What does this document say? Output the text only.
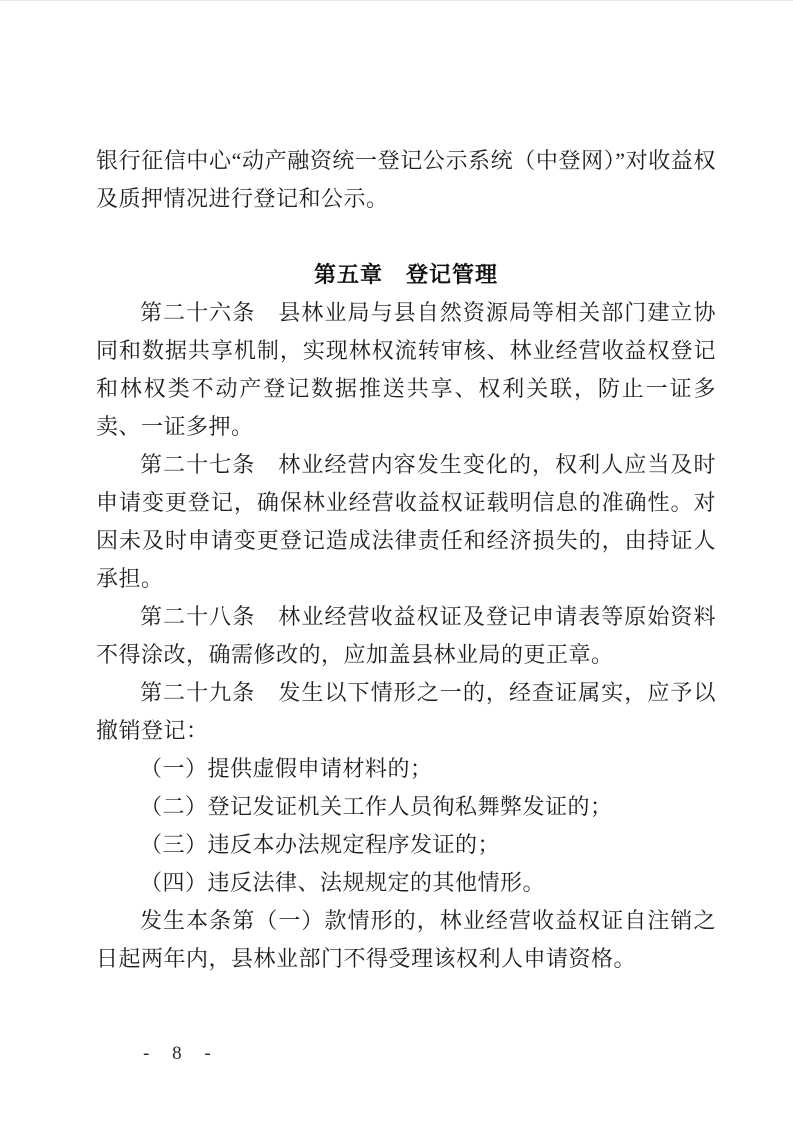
银行征信中心“动产融资统一登记公示系统（中登网）”对收益权及质押情况进行登记和公示。

第五章　登记管理

第二十六条　县林业局与县自然资源局等相关部门建立协同和数据共享机制，实现林权流转审核、林业经营收益权登记和林权类不动产登记数据推送共享、权利关联，防止一证多卖、一证多押。

第二十七条　林业经营内容发生变化的，权利人应当及时申请变更登记，确保林业经营收益权证载明信息的准确性。对因未及时申请变更登记造成法律责任和经济损失的，由持证人承担。

第二十八条　林业经营收益权证及登记申请表等原始资料不得涂改，确需修改的，应加盖县林业局的更正章。

第二十九条　发生以下情形之一的，经查证属实，应予以撤销登记：

（一）提供虚假申请材料的；

（二）登记发证机关工作人员徇私舞弊发证的；

（三）违反本办法规定程序发证的；

（四）违反法律、法规规定的其他情形。

发生本条第（一）款情形的，林业经营收益权证自注销之日起两年内，县林业部门不得受理该权利人申请资格。

- 8 -
